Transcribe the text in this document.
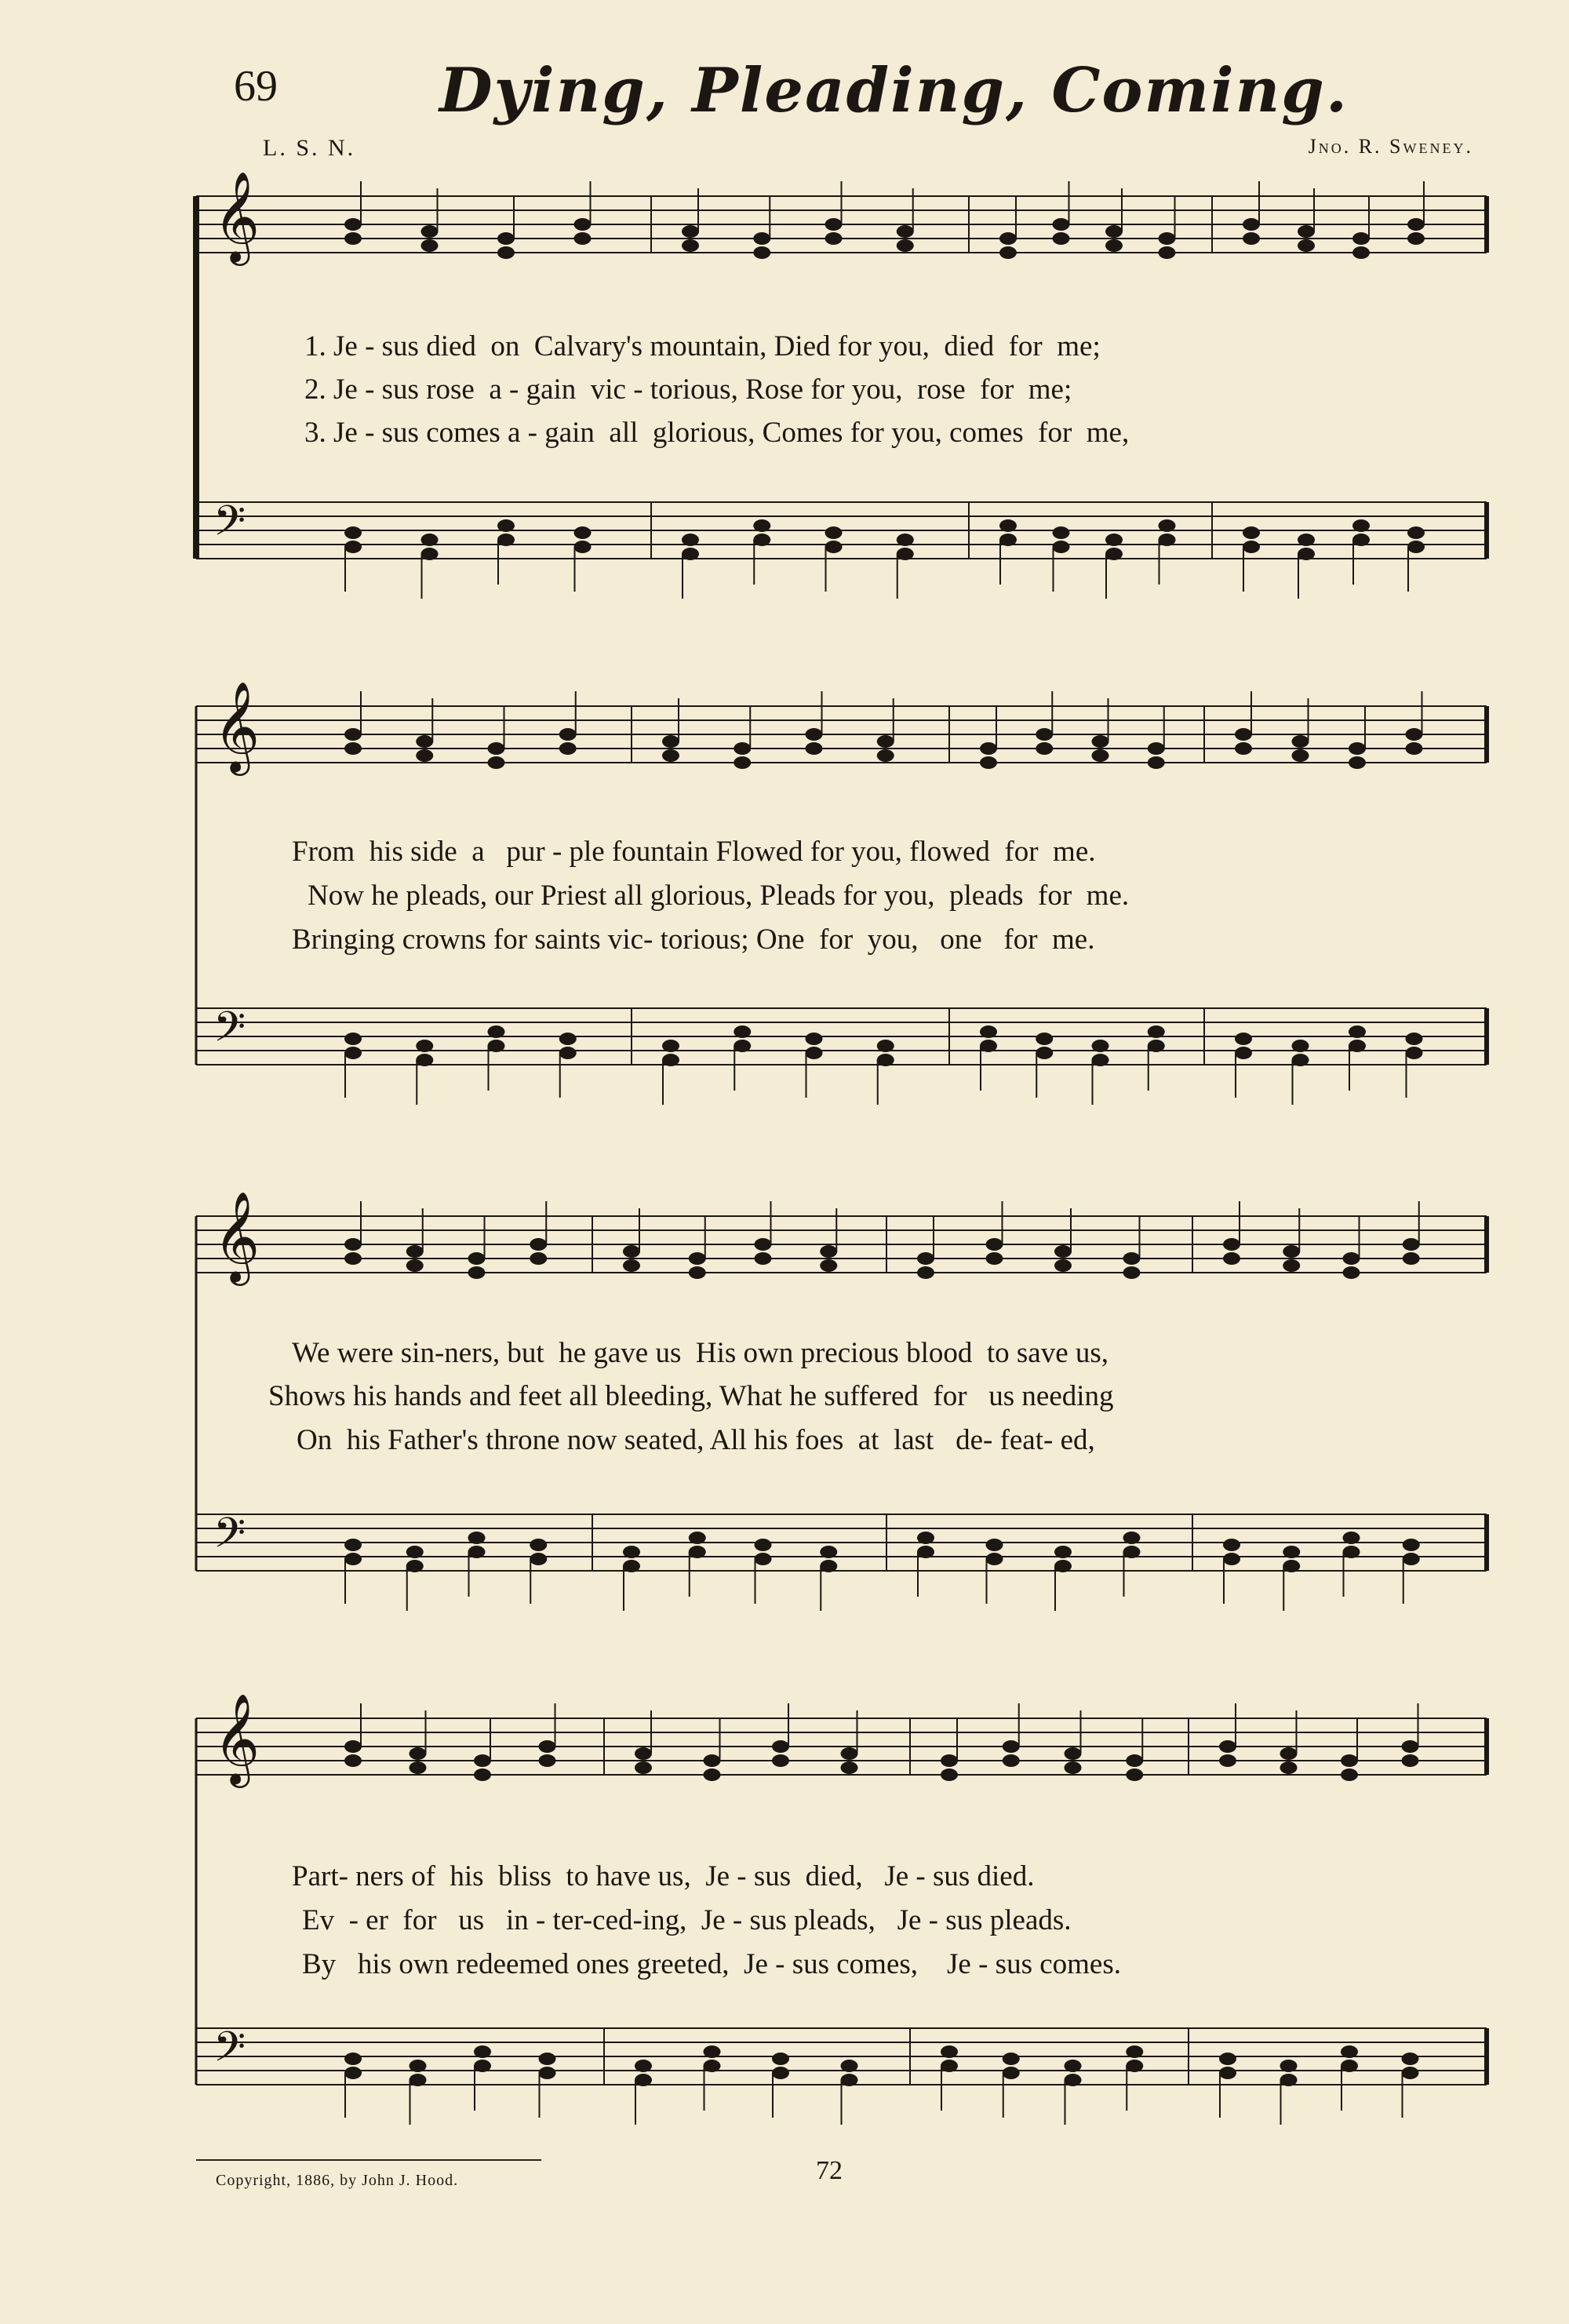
69	Dying, Pleading, Coming.
L. S. N.	Jno. R. Sweney.
𝄞
𝄢
𝄞
𝄢
𝄞
𝄢
𝄞
𝄢
1. Je - sus died  on  Calvary's mountain, Died for you,  died  for  me;
2. Je - sus rose  a - gain  vic - torious, Rose for you,  rose  for  me;
3. Je - sus comes a - gain  all  glorious, Comes for you, comes  for  me,
From  his side  a   pur - ple fountain Flowed for you, flowed  for  me.
Now he pleads, our Priest all glorious, Pleads for you,  pleads  for  me.
Bringing crowns for saints vic- torious; One  for  you,   one   for  me.
We were sin-ners, but  he gave us  His own precious blood  to save us,
Shows his hands and feet all bleeding, What he suffered  for   us needing
On  his Father's throne now seated, All his foes  at  last   de- feat- ed,
Part- ners of  his  bliss  to have us,  Je - sus  died,   Je - sus died.
Ev  - er  for   us   in - ter-ced-ing,  Je - sus pleads,   Je - sus pleads.
By   his own redeemed ones greeted,  Je - sus comes,    Je - sus comes.
Copyright, 1886, by John J. Hood.	72
